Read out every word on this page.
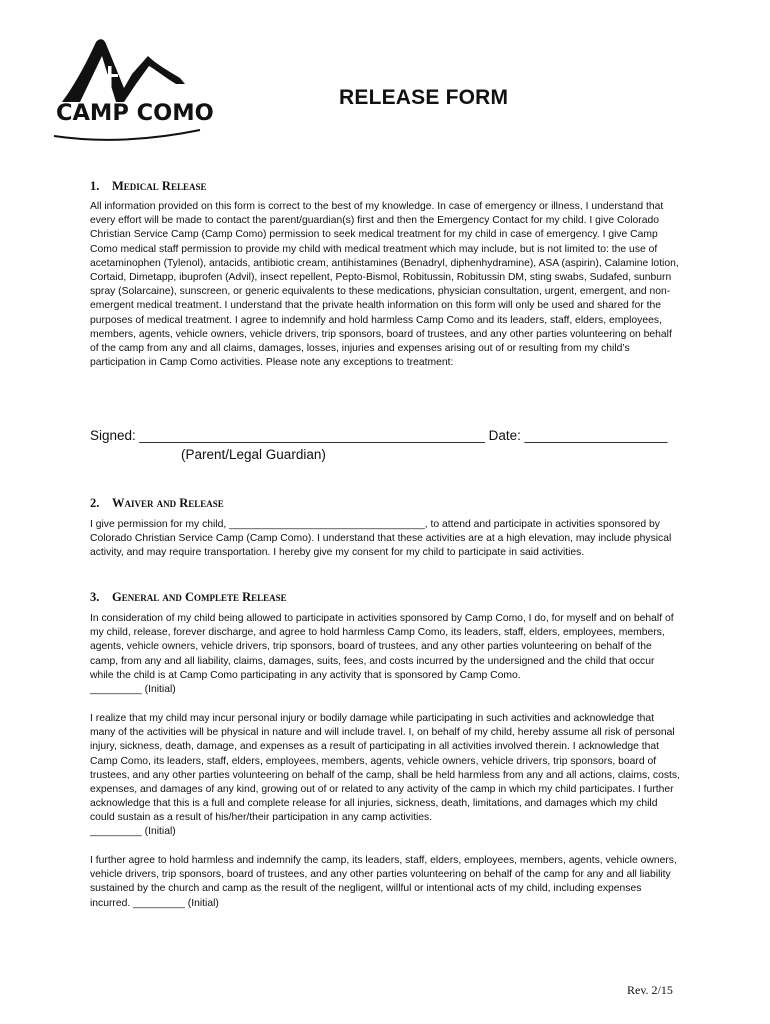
CAMP COMO
RELEASE FORM
1. Medical Release

All information provided on this form is correct to the best of my knowledge. In case of emergency or illness, I understand that every effort will be made to contact the parent/guardian(s) first and then the Emergency Contact for my child. I give Colorado Christian Service Camp (Camp Como) permission to seek medical treatment for my child in case of emergency. I give Camp Como medical staff permission to provide my child with medical treatment which may include, but is not limited to: the use of acetaminophen (Tylenol), antacids, antibiotic cream, antihistamines (Benadryl, diphenhydramine), ASA (aspirin), Calamine lotion, Cortaid, Dimetapp, ibuprofen (Advil), insect repellent, Pepto-Bismol, Robitussin, Robitussin DM, sting swabs, Sudafed, sunburn spray (Solarcaine), sunscreen, or generic equivalents to these medications, physician consultation, urgent, emergent, and non-emergent medical treatment. I understand that the private health information on this form will only be used and shared for the purposes of medical treatment. I agree to indemnify and hold harmless Camp Como and its leaders, staff, elders, employees, members, agents, vehicle owners, vehicle drivers, trip sponsors, board of trustees, and any other parties volunteering on behalf of the camp from any and all claims, damages, losses, injuries and expenses arising out of or resulting from my child’s participation in Camp Como activities. Please note any exceptions to treatment:

Signed: ______________________________________________ Date: ___________________
(Parent/Legal Guardian)
2. Waiver and Release

I give permission for my child, __________________________________, to attend and participate in activities sponsored by Colorado Christian Service Camp (Camp Como). I understand that these activities are at a high elevation, may include physical activity, and may require transportation. I hereby give my consent for my child to participate in said activities.

3. General and Complete Release

In consideration of my child being allowed to participate in activities sponsored by Camp Como, I do, for myself and on behalf of my child, release, forever discharge, and agree to hold harmless Camp Como, its leaders, staff, elders, employees, members, agents, vehicle owners, vehicle drivers, trip sponsors, board of trustees, and any other parties volunteering on behalf of the camp, from any and all liability, claims, damages, suits, fees, and costs incurred by the undersigned and the child that occur while the child is at Camp Como participating in any activity that is sponsored by Camp Como.

_________ (Initial)

I realize that my child may incur personal injury or bodily damage while participating in such activities and acknowledge that many of the activities will be physical in nature and will include travel. I, on behalf of my child, hereby assume all risk of personal injury, sickness, death, damage, and expenses as a result of participating in all activities involved therein. I acknowledge that Camp Como, its leaders, staff, elders, employees, members, agents, vehicle owners, vehicle drivers, trip sponsors, board of trustees, and any other parties volunteering on behalf of the camp, shall be held harmless from any and all actions, claims, costs, expenses, and damages of any kind, growing out of or related to any activity of the camp in which my child participates. I further acknowledge that this is a full and complete release for all injuries, sickness, death, limitations, and damages which my child could sustain as a result of his/her/their participation in any camp activities.

_________ (Initial)

I further agree to hold harmless and indemnify the camp, its leaders, staff, elders, employees, members, agents, vehicle owners, vehicle drivers, trip sponsors, board of trustees, and any other parties volunteering on behalf of the camp for any and all liability sustained by the church and camp as the result of the negligent, willful or intentional acts of my child, including expenses incurred. _________ (Initial)

Rev. 2/15
